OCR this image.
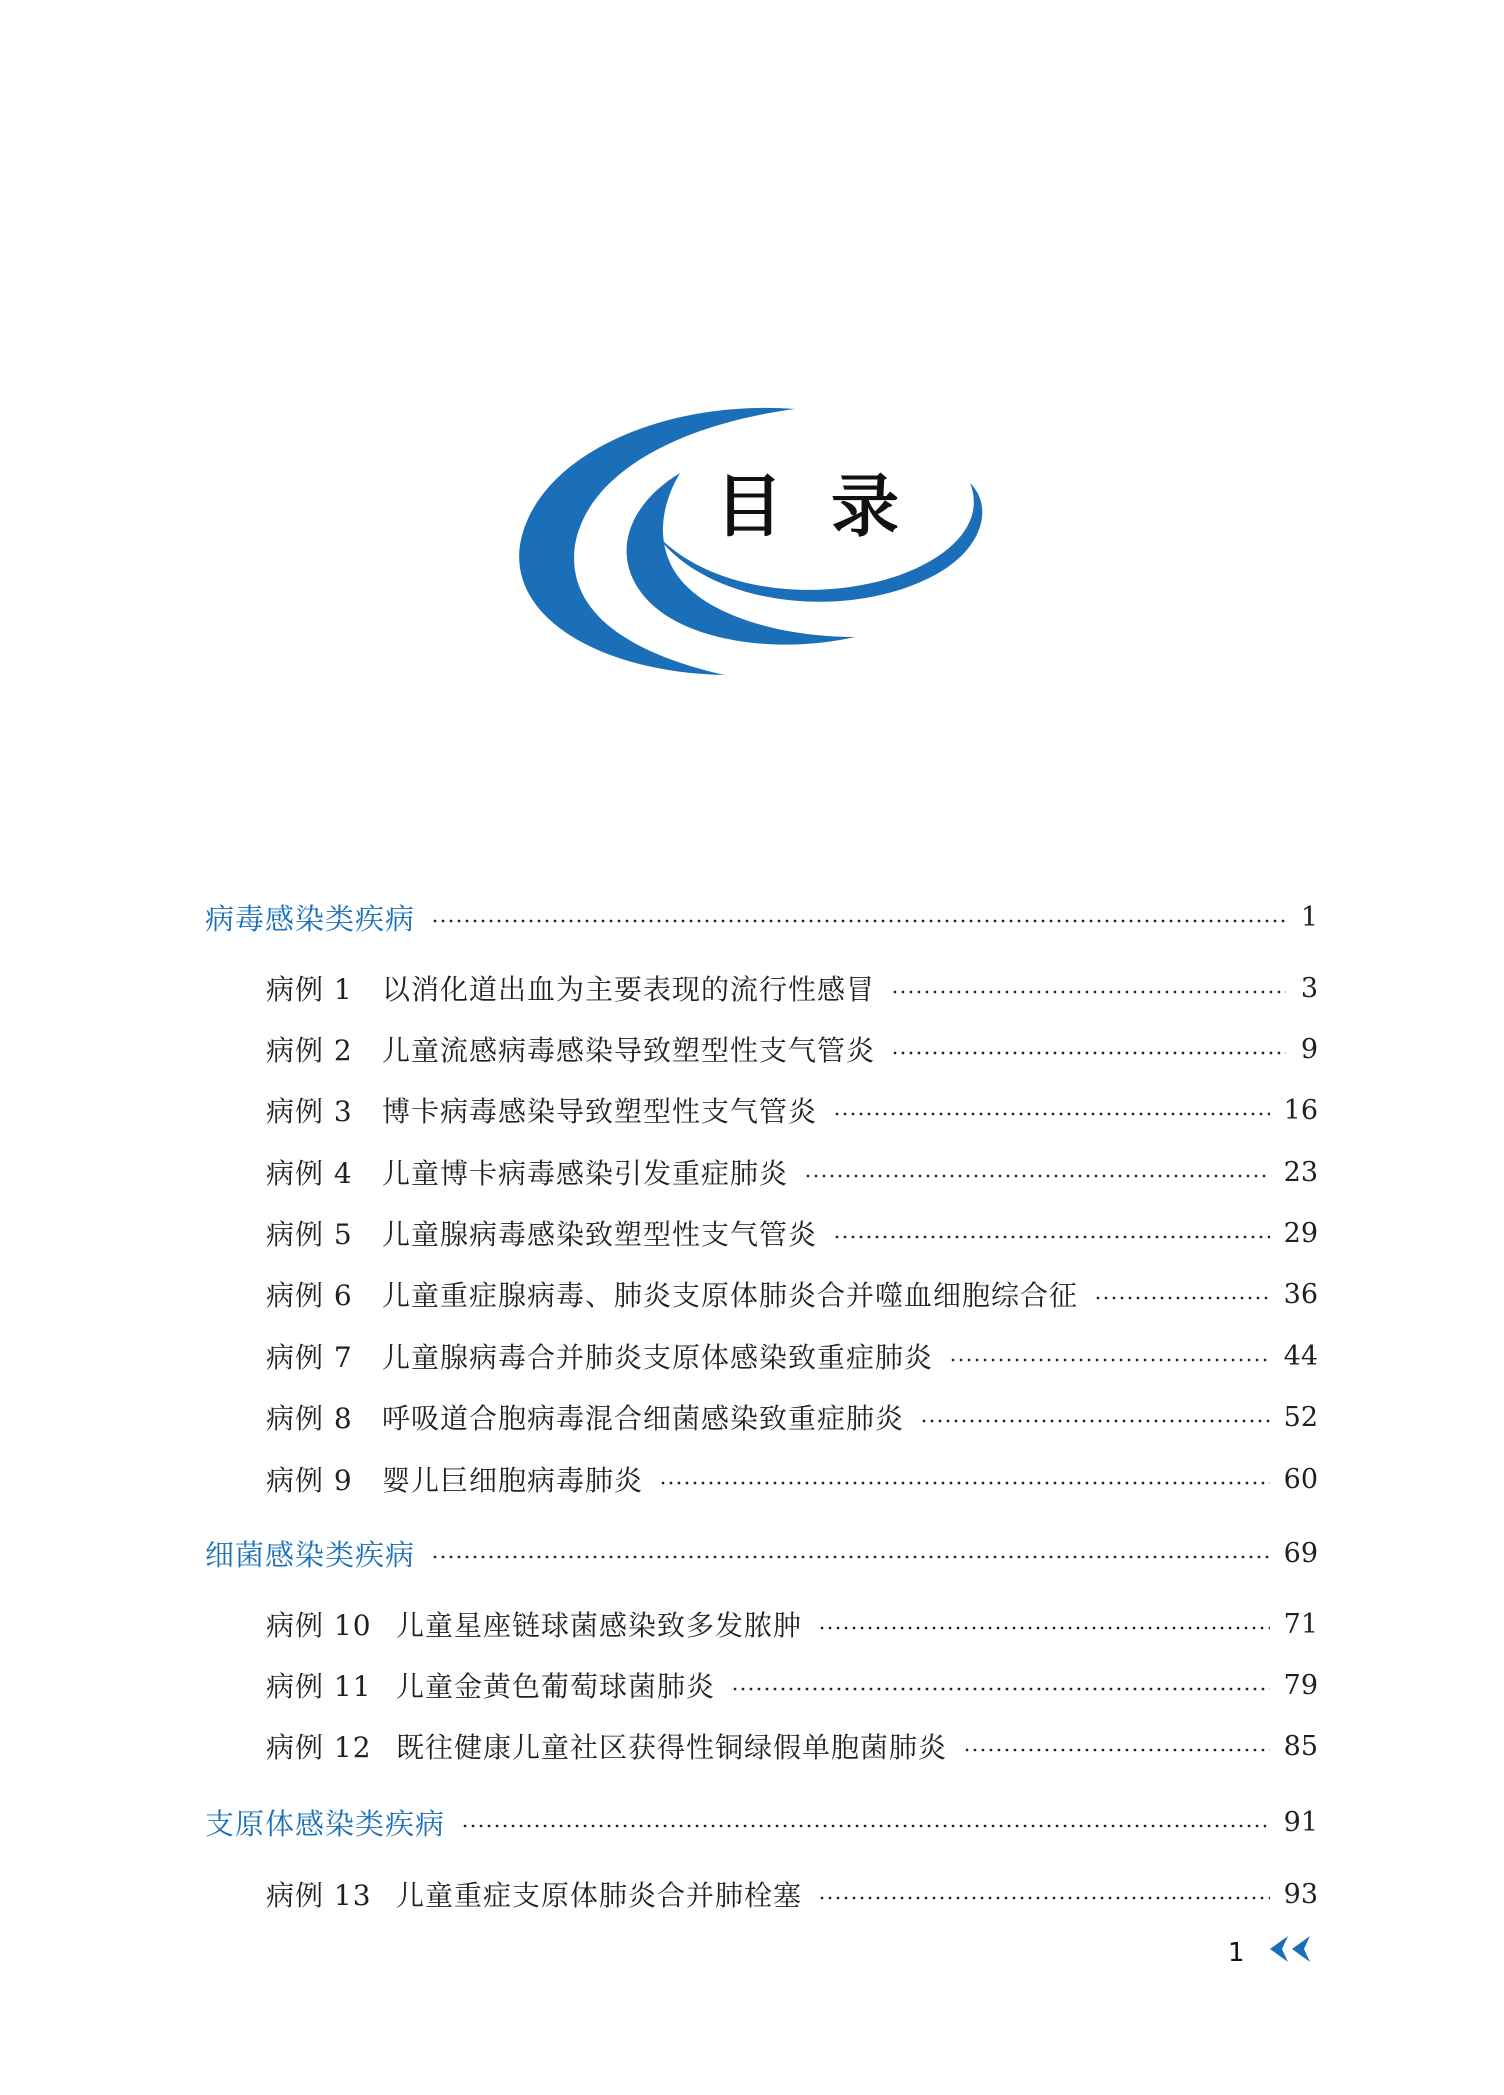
目录
病毒感染类疾病	1
病例 1	以消化道出血为主要表现的流行性感冒	3
病例 2	儿童流感病毒感染导致塑型性支气管炎	9
病例 3	博卡病毒感染导致塑型性支气管炎	16
病例 4	儿童博卡病毒感染引发重症肺炎	23
病例 5	儿童腺病毒感染致塑型性支气管炎	29
病例 6	儿童重症腺病毒、肺炎支原体肺炎合并噬血细胞综合征	36
病例 7	儿童腺病毒合并肺炎支原体感染致重症肺炎	44
病例 8	呼吸道合胞病毒混合细菌感染致重症肺炎	52
病例 9	婴儿巨细胞病毒肺炎	60
细菌感染类疾病	69
病例 10 儿童星座链球菌感染致多发脓肿	71
病例 11 儿童金黄色葡萄球菌肺炎	79
病例 12 既往健康儿童社区获得性铜绿假单胞菌肺炎	85
支原体感染类疾病	91
病例 13 儿童重症支原体肺炎合并肺栓塞	93
1
